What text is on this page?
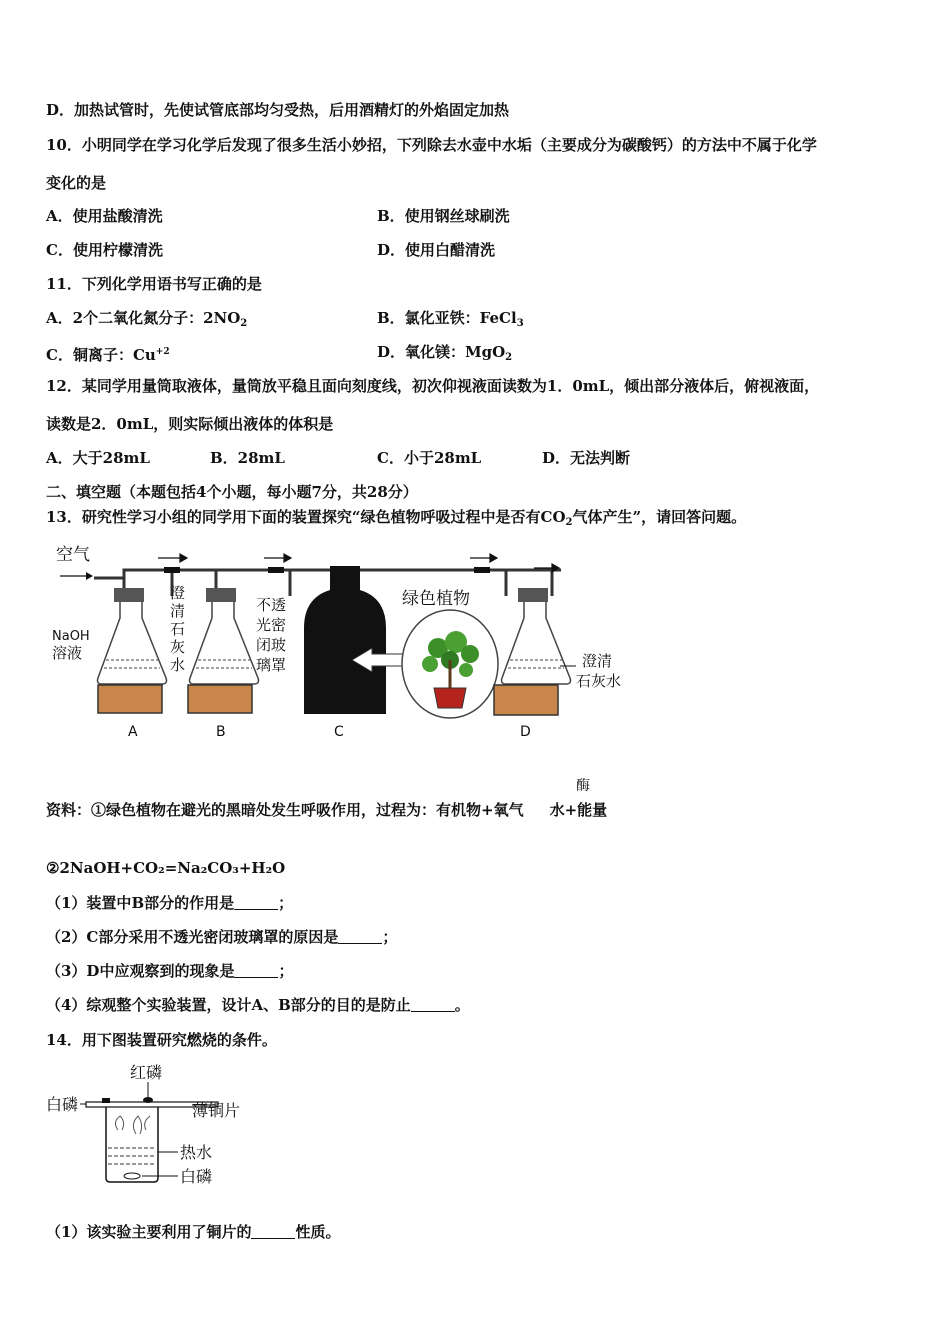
D．加热试管时，先使试管底部均匀受热，后用酒精灯的外焰固定加热
10．小明同学在学习化学后发现了很多生活小妙招，下列除去水壶中水垢（主要成分为碳酸钙）的方法中不属于化学
变化的是
A．使用盐酸清洗	B．使用钢丝球刷洗
C．使用柠檬清洗	D．使用白醋清洗
11．下列化学用语书写正确的是
A．2个二氧化氮分子：$2NO_2$	B．氯化亚铁：FeCl$_3$
C．铜离子：$Cu^{+2}$	D．氧化镁：MgO$_2$
12．某同学用量筒取液体，量筒放平稳且面向刻度线，初次仰视液面读数为1．0mL，倾出部分液体后，俯视液面，
读数是2．0mL，则实际倾出液体的体积是
A．大于28mL	B．28mL	C．小于28mL	D．无法判断
二、填空题（本题包括4个小题，每小题7分，共28分）
13．研究性学习小组的同学用下面的装置探究“绿色植物呼吸过程中是否有$CO_2$气体产生”，请回答问题。
空气
NaOH
溶液
澄
清
石
灰
水
不透
光密
闭玻
璃罩
绿色植物
澄清
石灰水
A	B	C	D
酶
资料：①绿色植物在避光的黑暗处发生呼吸作用，过程为：有机物+氧气 水+能量
②2NaOH+CO₂=Na₂CO₃+H₂O
（1）装置中B部分的作用是	；
（2）C部分采用不透光密闭玻璃罩的原因是	；
（3）D中应观察到的现象是	；
（4）综观整个实验装置，设计A、B部分的目的是防止	。
14．用下图装置研究燃烧的条件。
红磷
白磷	薄铜片
热水
白磷
（1）该实验主要利用了铜片的	性质。
